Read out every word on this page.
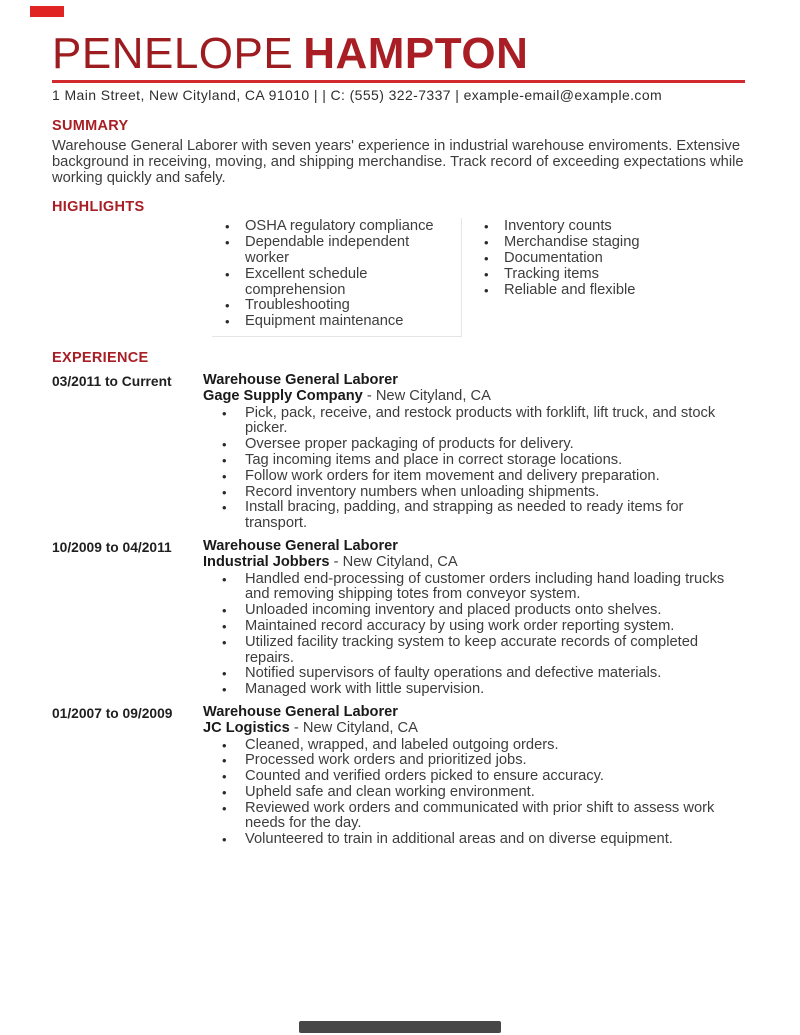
PENELOPE HAMPTON
1 Main Street, New Cityland, CA 91010 | | C: (555) 322-7337 | example-email@example.com
SUMMARY
Warehouse General Laborer with seven years' experience in industrial warehouse enviroments. Extensive background in receiving, moving, and shipping merchandise. Track record of exceeding expectations while working quickly and safely.
HIGHLIGHTS
• OSHA regulatory compliance
• Dependable independent worker
• Excellent schedule comprehension
• Troubleshooting
• Equipment maintenance
• Inventory counts
• Merchandise staging
• Documentation
• Tracking items
• Reliable and flexible
EXPERIENCE
03/2011 to Current	Warehouse General Laborer
Gage Supply Company - New Cityland, CA
• Pick, pack, receive, and restock products with forklift, lift truck, and stock picker.
• Oversee proper packaging of products for delivery.
• Tag incoming items and place in correct storage locations.
• Follow work orders for item movement and delivery preparation.
• Record inventory numbers when unloading shipments.
• Install bracing, padding, and strapping as needed to ready items for transport.
10/2009 to 04/2011	Warehouse General Laborer
Industrial Jobbers - New Cityland, CA
• Handled end-processing of customer orders including hand loading trucks and removing shipping totes from conveyor system.
• Unloaded incoming inventory and placed products onto shelves.
• Maintained record accuracy by using work order reporting system.
• Utilized facility tracking system to keep accurate records of completed repairs.
• Notified supervisors of faulty operations and defective materials.
• Managed work with little supervision.
01/2007 to 09/2009	Warehouse General Laborer
JC Logistics - New Cityland, CA
• Cleaned, wrapped, and labeled outgoing orders.
• Processed work orders and prioritized jobs.
• Counted and verified orders picked to ensure accuracy.
• Upheld safe and clean working environment.
• Reviewed work orders and communicated with prior shift to assess work needs for the day.
• Volunteered to train in additional areas and on diverse equipment.
